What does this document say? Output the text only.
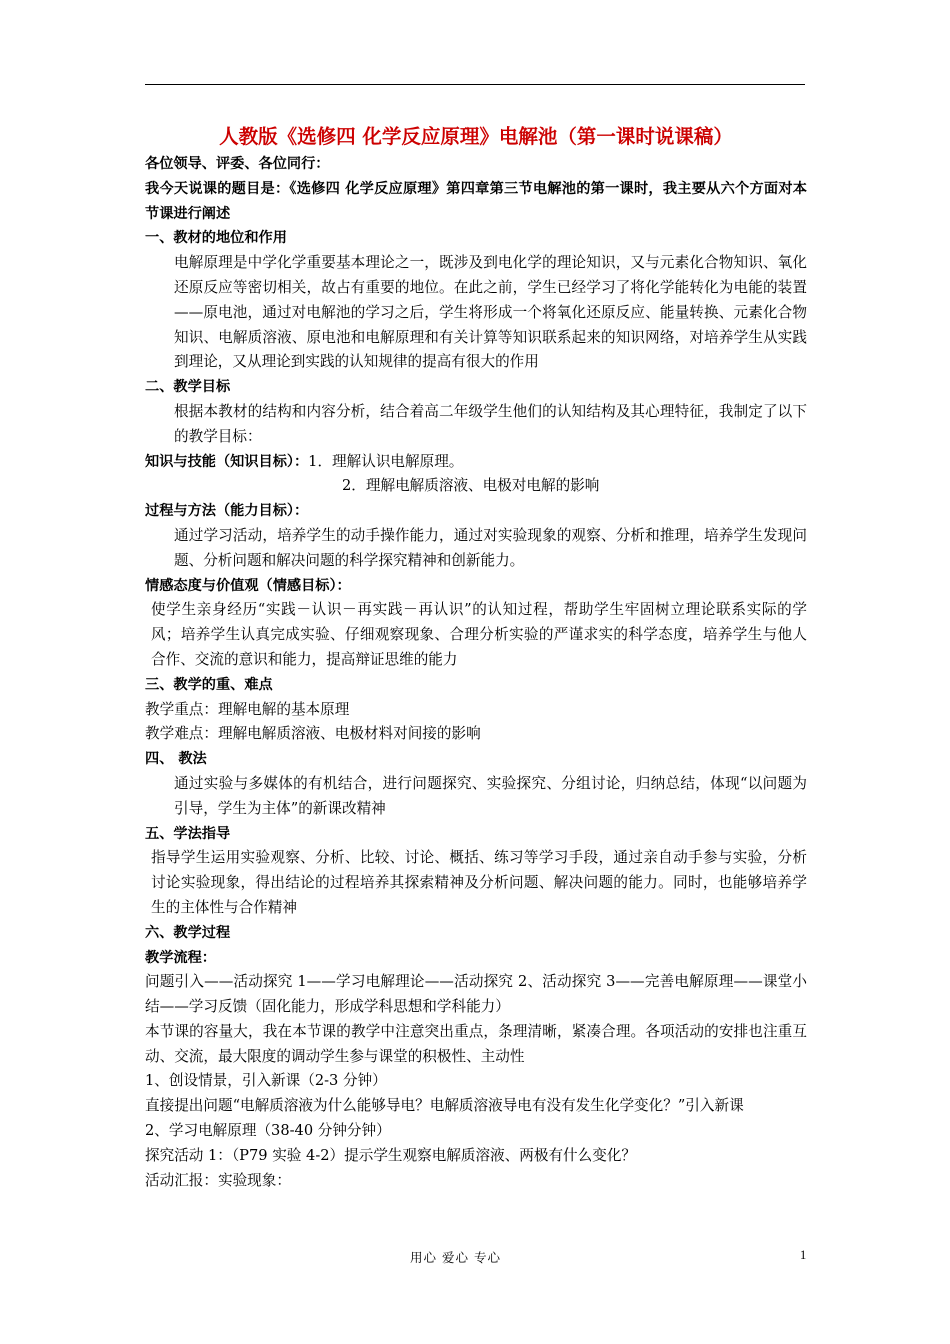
人教版《选修四 化学反应原理》电解池（第一课时说课稿）

各位领导、评委、各位同行：

我今天说课的题目是：《选修四 化学反应原理》第四章第三节电解池的第一课时，我主要从六个方面对本节课进行阐述

一、教材的地位和作用

电解原理是中学化学重要基本理论之一，既涉及到电化学的理论知识，又与元素化合物知识、氧化还原反应等密切相关，故占有重要的地位。在此之前，学生已经学习了将化学能转化为电能的装置——原电池，通过对电解池的学习之后，学生将形成一个将氧化还原反应、能量转换、元素化合物知识、电解质溶液、原电池和电解原理和有关计算等知识联系起来的知识网络，对培养学生从实践到理论，又从理论到实践的认知规律的提高有很大的作用

二、教学目标

根据本教材的结构和内容分析，结合着高二年级学生他们的认知结构及其心理特征，我制定了以下的教学目标：

知识与技能（知识目标）：1．理解认识电解原理。

2．理解电解质溶液、电极对电解的影响

过程与方法（能力目标）：

通过学习活动，培养学生的动手操作能力，通过对实验现象的观察、分析和推理，培养学生发现问题、分析问题和解决问题的科学探究精神和创新能力。

情感态度与价值观（情感目标）：

使学生亲身经历“实践－认识－再实践－再认识”的认知过程，帮助学生牢固树立理论联系实际的学风；培养学生认真完成实验、仔细观察现象、合理分析实验的严谨求实的科学态度，培养学生与他人合作、交流的意识和能力，提高辩证思维的能力

三、教学的重、难点

教学重点：理解电解的基本原理

教学难点：理解电解质溶液、电极材料对间接的影响

四、 教法

通过实验与多媒体的有机结合，进行问题探究、实验探究、分组讨论，归纳总结，体现“以问题为引导，学生为主体”的新课改精神

五、学法指导

指导学生运用实验观察、分析、比较、讨论、概括、练习等学习手段，通过亲自动手参与实验，分析讨论实验现象，得出结论的过程培养其探索精神及分析问题、解决问题的能力。同时，也能够培养学生的主体性与合作精神

六、教学过程

教学流程：

问题引入——活动探究 1——学习电解理论——活动探究 2、活动探究 3——完善电解原理——课堂小结——学习反馈（固化能力，形成学科思想和学科能力）

本节课的容量大，我在本节课的教学中注意突出重点，条理清晰，紧凑合理。各项活动的安排也注重互动、交流，最大限度的调动学生参与课堂的积极性、主动性

1、创设情景，引入新课（2-3 分钟）

直接提出问题“电解质溶液为什么能够导电？电解质溶液导电有没有发生化学变化？”引入新课

2、学习电解原理（38-40 分钟分钟）

探究活动 1：（P79 实验 4-2）提示学生观察电解质溶液、两极有什么变化？

活动汇报：实验现象：

用心 爱心 专心	1
